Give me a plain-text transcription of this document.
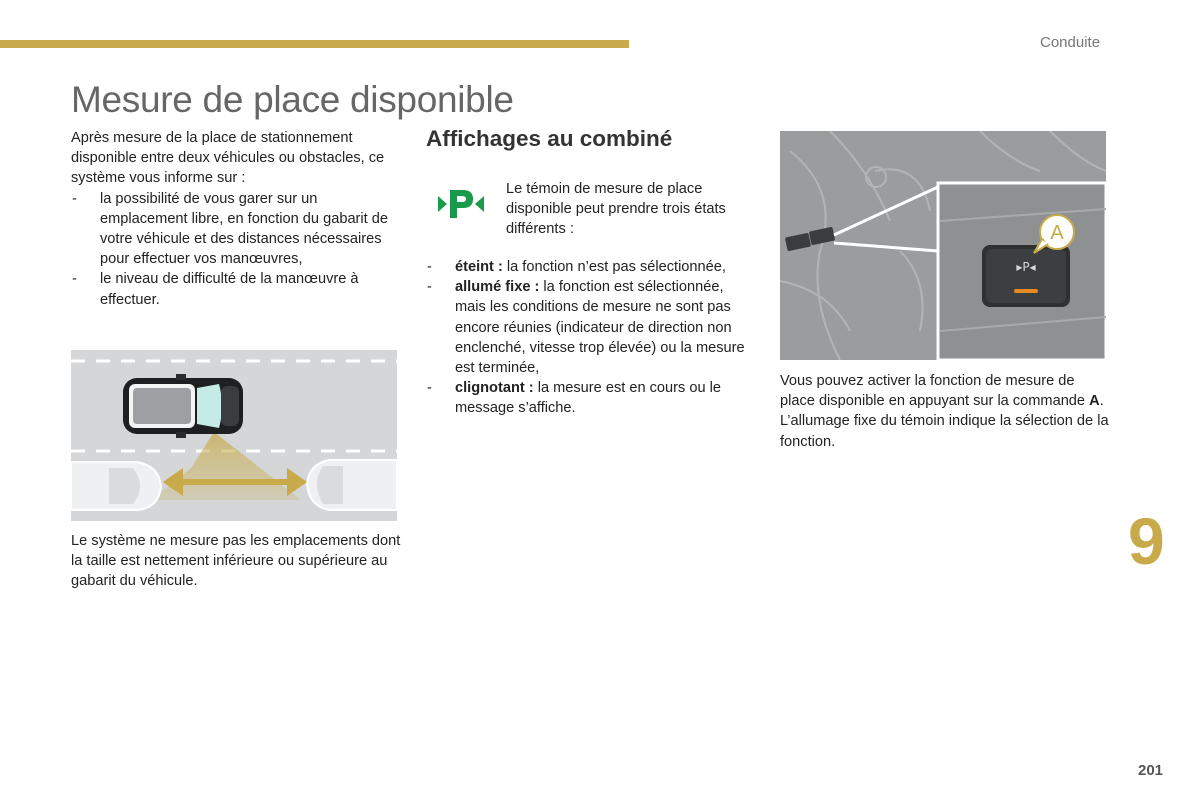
Conduite
Mesure de place disponible

Après mesure de la place de stationnement disponible entre deux véhicules ou obstacles, ce système vous informe sur :

- la possibilité de vous garer sur un emplacement libre, en fonction du gabarit de votre véhicule et des distances nécessaires pour effectuer vos manœuvres,
- le niveau de difficulté de la manœuvre à effectuer.

Le système ne mesure pas les emplacements dont la taille est nettement inférieure ou supérieure au gabarit du véhicule.

Affichages au combiné

Le témoin de mesure de place disponible peut prendre trois états différents :

- éteint : la fonction n’est pas sélectionnée,
- allumé fixe : la fonction est sélectionnée, mais les conditions de mesure ne sont pas encore réunies (indicateur de direction non enclenché, vitesse trop élevée) ou la mesure est terminée,
- clignotant : la mesure est en cours ou le message s’affiche.
▸P◂
A

Vous pouvez activer la fonction de mesure de place disponible en appuyant sur la commande A. L’allumage fixe du témoin indique la sélection de la fonction.

9
201
